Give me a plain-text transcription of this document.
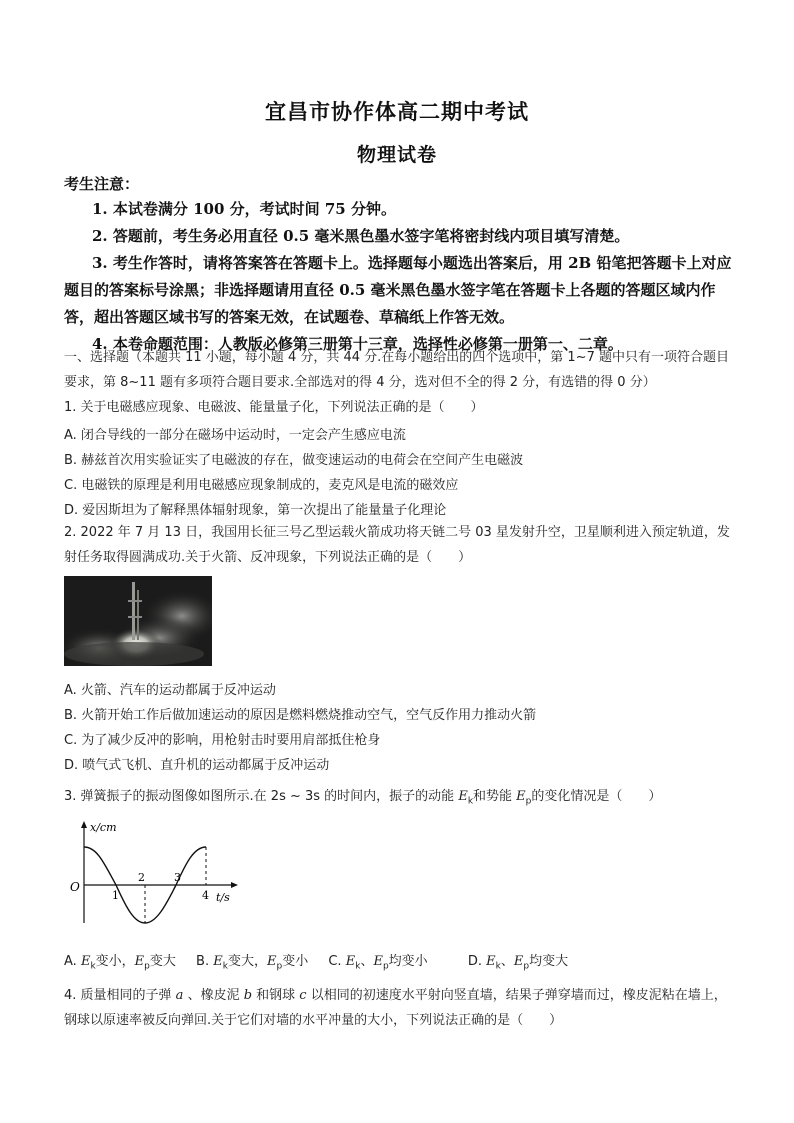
宜昌市协作体高二期中考试
物理试卷
考生注意：
1. 本试卷满分 100 分，考试时间 75 分钟。
2. 答题前，考生务必用直径 0.5 毫米黑色墨水签字笔将密封线内项目填写清楚。
3. 考生作答时，请将答案答在答题卡上。选择题每小题选出答案后，用 2B 铅笔把答题卡上对应题目的答案标号涂黑；非选择题请用直径 0.5 毫米黑色墨水签字笔在答题卡上各题的答题区域内作答，超出答题区域书写的答案无效，在试题卷、草稿纸上作答无效。
4. 本卷命题范围：人教版必修第三册第十三章，选择性必修第一册第一、二章。
一、选择题（本题共 11 小题，每小题 4 分，共 44 分.在每小题给出的四个选项中，第 1~7 题中只有一项符合题目要求，第 8~11 题有多项符合题目要求.全部选对的得 4 分，选对但不全的得 2 分，有选错的得 0 分）
1. 关于电磁感应现象、电磁波、能量量子化，下列说法正确的是（　　）
A. 闭合导线的一部分在磁场中运动时，一定会产生感应电流
B. 赫兹首次用实验证实了电磁波的存在，做变速运动的电荷会在空间产生电磁波
C. 电磁铁的原理是利用电磁感应现象制成的，麦克风是电流的磁效应
D. 爱因斯坦为了解释黑体辐射现象，第一次提出了能量量子化理论
2. 2022 年 7 月 13 日，我国用长征三号乙型运载火箭成功将天链二号 03 星发射升空，卫星顺利进入预定轨道，发射任务取得圆满成功.关于火箭、反冲现象，下列说法正确的是（　　）
A. 火箭、汽车的运动都属于反冲运动
B. 火箭开始工作后做加速运动的原因是燃料燃烧推动空气，空气反作用力推动火箭
C. 为了减少反冲的影响，用枪射击时要用肩部抵住枪身
D. 喷气式飞机、直升机的运动都属于反冲运动
3. 弹簧振子的振动图像如图所示.在 2s ~ 3s 的时间内，振子的动能 $E_k$和势能 $E_p$的变化情况是（　　）
x/cm
t/s
O
1
2	3
4
A. $E_k$变小，$E_p$变大 B. $E_k$变大，$E_p$变小 C. $E_k$、$E_p$均变小	D. $E_k$、$E_p$均变大
4. 质量相同的子弹 a 、橡皮泥 b 和钢球 c 以相同的初速度水平射向竖直墙，结果子弹穿墙而过，橡皮泥粘在墙上，钢球以原速率被反向弹回.关于它们对墙的水平冲量的大小，下列说法正确的是（　　）
